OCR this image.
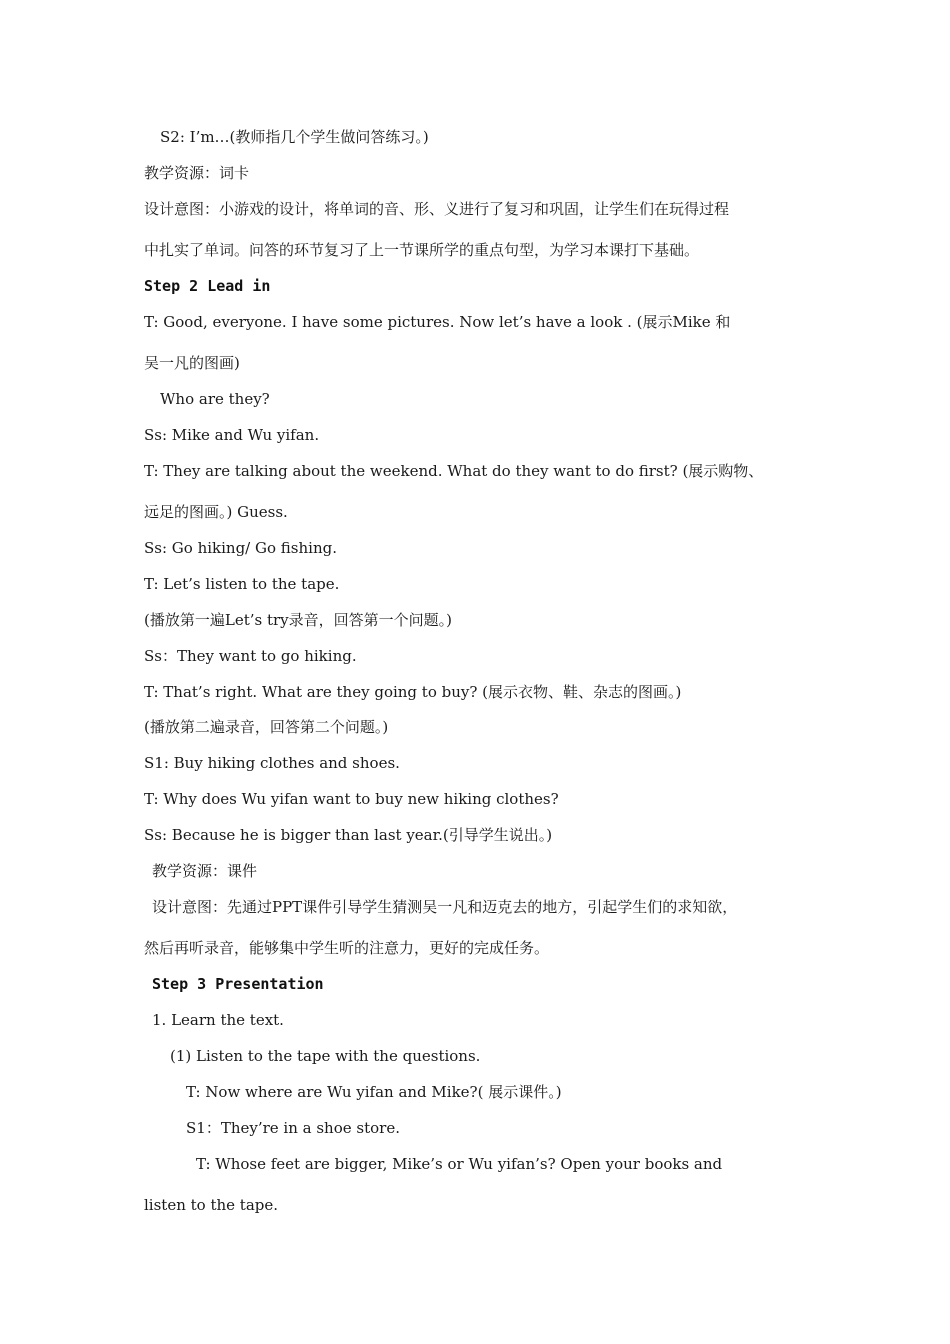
S2: I’m…(教师指几个学生做问答练习。)
教学资源：词卡
设计意图：小游戏的设计，将单词的音、形、义进行了复习和巩固，让学生们在玩得过程
中扎实了单词。问答的环节复习了上一节课所学的重点句型，为学习本课打下基础。
Step 2 Lead in
T: Good, everyone. I have some pictures. Now let’s have a look . (展示Mike 和
吴一凡的图画)
Who are they?
Ss: Mike and Wu yifan.
T: They are talking about the weekend. What do they want to do first? (展示购物、
远足的图画。) Guess.
Ss: Go hiking/ Go fishing.
T: Let’s listen to the tape.
(播放第一遍Let’s try录音，回答第一个问题。)
Ss：They want to go hiking.
T: That’s right. What are they going to buy? (展示衣物、鞋、杂志的图画。)
(播放第二遍录音，回答第二个问题。)
S1: Buy hiking clothes and shoes.
T: Why does Wu yifan want to buy new hiking clothes?
Ss: Because he is bigger than last year.(引导学生说出。)
教学资源：课件
设计意图：先通过PPT课件引导学生猜测吴一凡和迈克去的地方，引起学生们的求知欲，
然后再听录音，能够集中学生听的注意力，更好的完成任务。
Step 3 Presentation
1. Learn the text.
(1) Listen to the tape with the questions.
T: Now where are Wu yifan and Mike?( 展示课件。)
S1：They’re in a shoe store.
T: Whose feet are bigger, Mike’s or Wu yifan’s? Open your books and
listen to the tape.
